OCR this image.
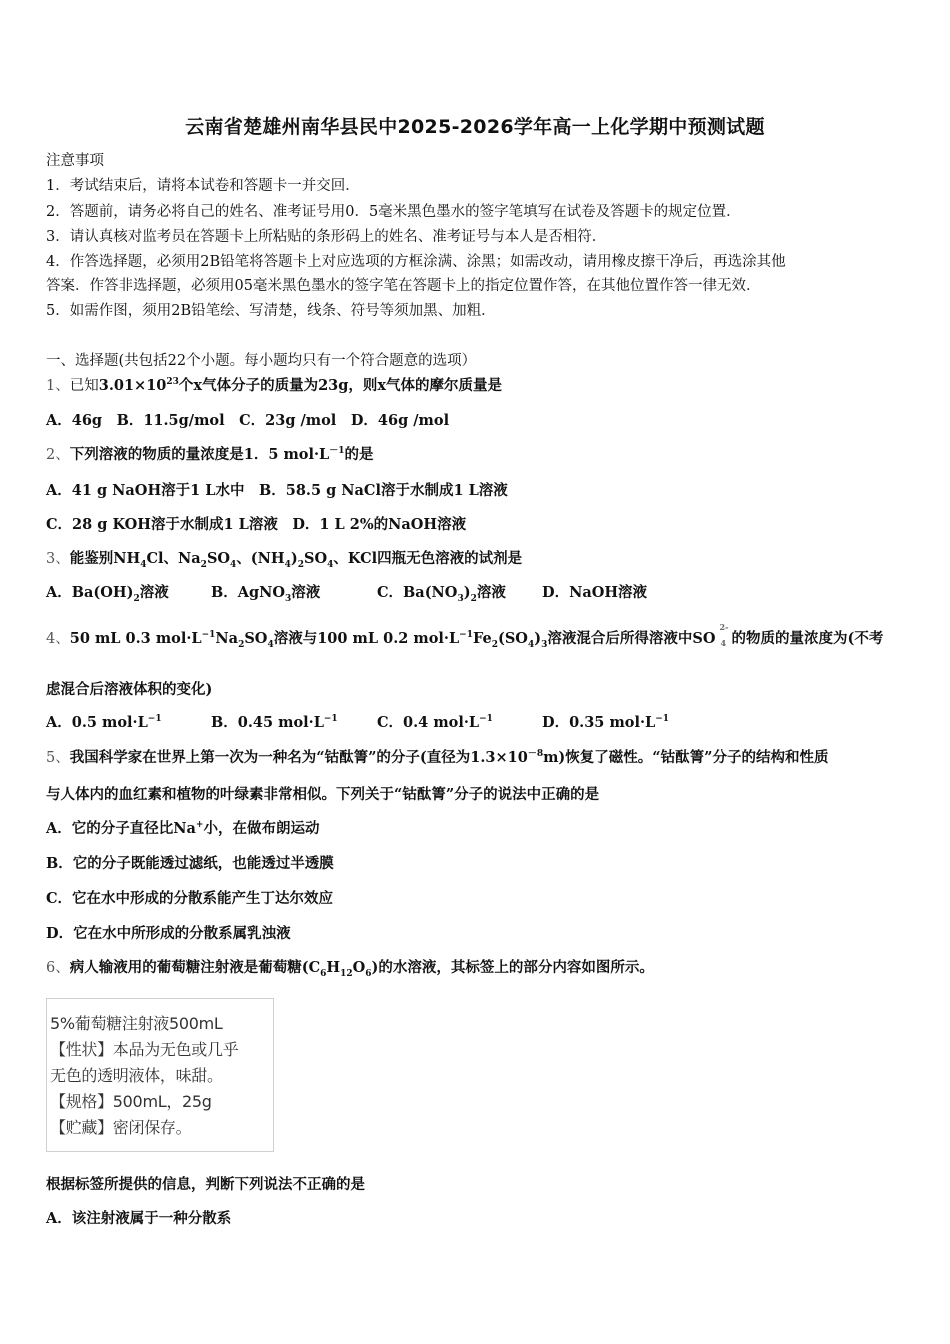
云南省楚雄州南华县民中2025-2026学年高一上化学期中预测试题
注意事项
1．考试结束后，请将本试卷和答题卡一并交回．
2．答题前，请务必将自己的姓名、准考证号用0．5毫米黑色墨水的签字笔填写在试卷及答题卡的规定位置．
3．请认真核对监考员在答题卡上所粘贴的条形码上的姓名、准考证号与本人是否相符．
4．作答选择题，必须用2B铅笔将答题卡上对应选项的方框涂满、涂黑；如需改动，请用橡皮擦干净后，再选涂其他
答案．作答非选择题，必须用05毫米黑色墨水的签字笔在答题卡上的指定位置作答，在其他位置作答一律无效．
5．如需作图，须用2B铅笔绘、写清楚，线条、符号等须加黑、加粗．
一、选择题(共包括22个小题。每小题均只有一个符合题意的选项）
1、已知$3.01\times 10^{23}$个x气体分子的质量为23g，则x气体的摩尔质量是
A．46g　B．11.5g/mol　C．23g /mol　D．46g /mol
2、下列溶液的物质的量浓度是1．5 $mol\cdot L^{-1}$的是
A．41 g NaOH溶于1 L水中　B．58.5 g NaCl溶于水制成1 L溶液
C．28 g KOH溶于水制成1 L溶液　D．1 L 2%的NaOH溶液
3、能鉴别$NH_4Cl$、$Na_2SO_4$、$(NH_4)_2SO_4$、KCl四瓶无色溶液的试剂是
A．$Ba(OH)_2$溶液	B．AgNO$_3$溶液	C．$Ba(NO_3)_2$溶液 D．NaOH溶液
4、50 mL 0.3 $mol\cdot L^{-1}Na_2SO_4$溶液与100 mL 0.2 $mol\cdot L^{-1}Fe_2(SO_4)_3$溶液混合后所得溶液中SO
2-
4 的物质的量浓度为(不考
虑混合后溶液体积的变化)
A．0.5 $mol\cdot L^{-1}$	B．0.45 $mol\cdot L^{-1}$	C．0.4 $mol\cdot L^{-1}$	D．0.35 $mol\cdot L^{-1}$
5、我国科学家在世界上第一次为一种名为“钴酞箐”的分子(直径为$1.3\times 10^{-8}m$)恢复了磁性。“钴酞箐”分子的结构和性质
与人体内的血红素和植物的叶绿素非常相似。下列关于“钴酞箐”分子的说法中正确的是
A．它的分子直径比Na+小，在做布朗运动
B．它的分子既能透过滤纸，也能透过半透膜
C．它在水中形成的分散系能产生丁达尔效应
D．它在水中所形成的分散系属乳浊液
6、病人输液用的葡萄糖注射液是葡萄糖$(C_6H_{12}O_6)$的水溶液，其标签上的部分内容如图所示。
5%葡萄糖注射液500mL
【性状】本品为无色或几乎
无色的透明液体，味甜。
【规格】500mL，25g
【贮藏】密闭保存。
根据标签所提供的信息，判断下列说法不正确的是
A．该注射液属于一种分散系
